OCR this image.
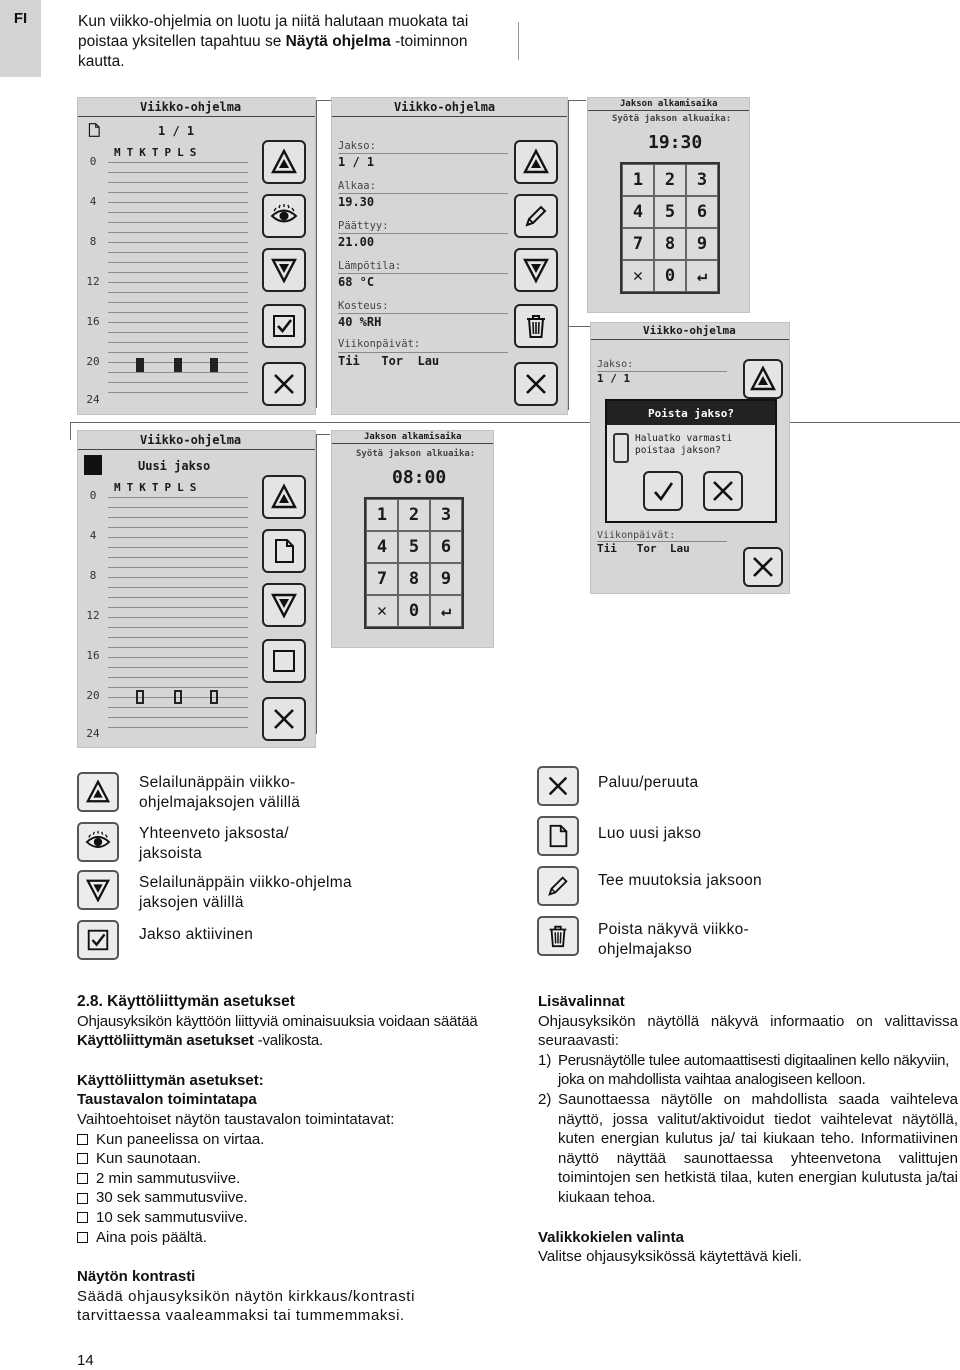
FI	Kun viikko-ohjelmia on luotu ja niitä halutaan muokata tai poistaa yksitellen tapahtuu se Näytä ohjelma -toiminnon kautta.
Viikko-ohjelma
1 / 1
MTKTPLS
0
4
8
12
16
20
24
Viikko-ohjelma
Jakso:
1 / 1
Alkaa:
19.30
Päättyy:
21.00
Lämpötila:
68 °C
Kosteus:
40 %RH
Viikonpäivät:
Tii   Tor  Lau
Jakson alkamisaika
Syötä jakson alkuaika:
19:30
1	2	3
4	5	6
7	8	9
✕	0	↵
Viikko-ohjelma
Uusi jakso
MTKTPLS
0
4
8
12
16
20
24
Jakson alkamisaika
Syötä jakson alkuaika:
08:00
1	2	3
4	5	6
7	8	9
✕	0	↵
Viikko-ohjelma
Jakso:
1 / 1
Viikonpäivät:
Tii   Tor  Lau
Poista jakso?
Haluatko varmasti poistaa jakson?
Selailunäppäin viikko-ohjelmajaksojen välillä
Yhteenveto jaksosta/ jaksoista
Selailunäppäin viikko-ohjelma jaksojen välillä
Jakso aktiivinen
Paluu/peruuta
Luo uusi jakso
Tee muutoksia jaksoon
Poista näkyvä viikko-ohjelmajakso
2.8. Käyttöliittymän asetukset
Ohjausyksikön käyttöön liittyviä ominaisuuksia voidaan säätää Käyttöliittymän asetukset -valikosta.
Käyttöliittymän asetukset:
Taustavalon toimintatapa
Vaihtoehtoiset näytön taustavalon toimintatavat:
Kun paneelissa on virtaa.
Kun saunotaan.
2 min sammutusviive.
30 sek sammutusviive.
10 sek sammutusviive.
Aina pois päältä.
Näytön kontrasti
Säädä ohjausyksikön näytön kirkkaus/kontrasti tarvittaessa vaaleammaksi tai tummemmaksi.
Lisävalinnat
Ohjausyksikön näytöllä näkyvä informaatio on valittavissa seuraavasti:
1) Perusnäytölle tulee automaattisesti digitaalinen kello näkyviin, joka on mahdollista vaihtaa analogiseen kelloon.
2) Saunottaessa näytölle on mahdollista saada vaihteleva näyttö, jossa valitut/aktivoidut tiedot vaihtelevat näytöllä, kuten energian kulutus ja/ tai kiukaan teho. Informatiivinen näyttö näyttää saunottaessa yhteenvetona valittujen toimintojen sen hetkistä tilaa, kuten energian kulutusta ja/tai kiukaan tehoa.
Valikkokielen valinta
Valitse ohjausyksikössä käytettävä kieli.
14
